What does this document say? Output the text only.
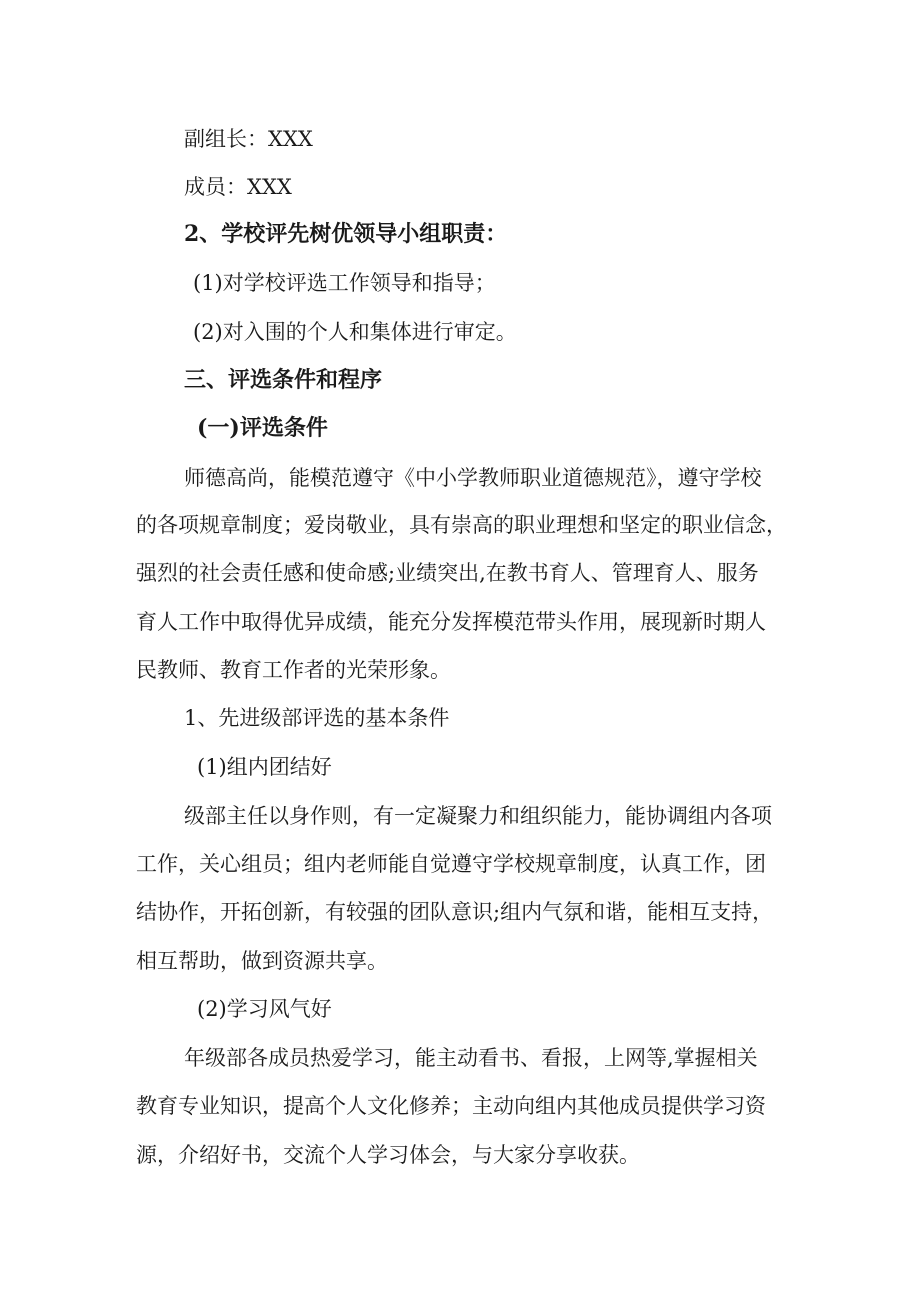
副组长：XXX

成员：XXX

2、学校评先树优领导小组职责：

(1)对学校评选工作领导和指导；

(2)对入围的个人和集体进行审定。

三、评选条件和程序

(一)评选条件

师德高尚，能模范遵守《中小学教师职业道德规范》，遵守学校

的各项规章制度；爱岗敬业，具有崇高的职业理想和坚定的职业信念，

强烈的社会责任感和使命感;业绩突出,在教书育人、管理育人、服务

育人工作中取得优异成绩，能充分发挥模范带头作用，展现新时期人

民教师、教育工作者的光荣形象。

1、先进级部评选的基本条件

(1)组内团结好

级部主任以身作则，有一定凝聚力和组织能力，能协调组内各项

工作，关心组员；组内老师能自觉遵守学校规章制度，认真工作，团

结协作，开拓创新，有较强的团队意识;组内气氛和谐，能相互支持，

相互帮助，做到资源共享。

(2)学习风气好

年级部各成员热爱学习，能主动看书、看报，上网等,掌握相关

教育专业知识，提高个人文化修养；主动向组内其他成员提供学习资

源，介绍好书，交流个人学习体会，与大家分享收获。
